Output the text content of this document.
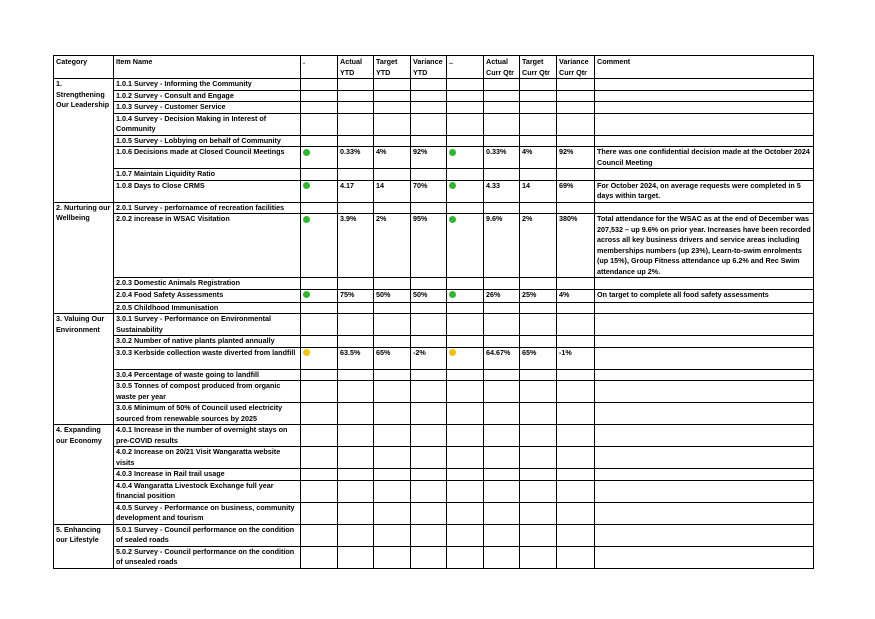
Category	Item Name	.	Actual YTD	Target YTD	Variance YTD	..	Actual Curr Qtr	Target Curr Qtr	Variance Curr Qtr	Comment
1. Strengthening Our Leadership	1.0.1 Survey - Informing the Community									
	1.0.2 Survey - Consult and Engage									
	1.0.3 Survey - Customer Service									
	1.0.4 Survey - Decision Making in Interest of Community									
	1.0.5 Survey - Lobbying on behalf of Community									
	1.0.6 Decisions made at Closed Council Meetings		0.33%	4%	92%		0.33%	4%	92%	There was one confidential decision made at the October 2024 Council Meeting
	1.0.7 Maintain Liquidity Ratio									
	1.0.8 Days to Close CRMS		4.17	14	70%		4.33	14	69%	For October 2024, on average requests were completed in 5 days within target.
2. Nurturing our Wellbeing	2.0.1 Survey - perfornamce of recreation facilities									
	2.0.2 increase in WSAC Visitation		3.9%	2%	95%		9.6%	2%	380%	Total attendance for the WSAC as at the end of December was 207,532 – up 9.6% on prior year. Increases have been recorded across all key business drivers and service areas including memberships numbers (up 23%), Learn-to-swim enrolments (up 15%), Group Fitness attendance up 6.2% and Rec Swim attendance up 2%.
	2.0.3 Domestic Animals Registration									
	2.0.4 Food Safety Assessments		75%	50%	50%		26%	25%	4%	On target to complete all food safety assessments
	2.0.5 Childhood Immunisation									
3. Valuing Our Environment	3.0.1 Survey - Performance on Environmental Sustainability									
	3.0.2 Number of native plants planted annually									
	3.0.3 Kerbside collection waste diverted from landfill		63.5%	65%	-2%		64.67%	65%	-1%	
	3.0.4 Percentage of waste going to landfill									
	3.0.5 Tonnes of compost produced from organic waste per year									
	3.0.6 Minimum of 50% of Council used electricity sourced from renewable sources by 2025									
4. Expanding our Economy	4.0.1 Increase in the number of overnight stays on pre-COVID results									
	4.0.2 Increase on 20/21 Visit Wangaratta website visits									
	4.0.3 Increase in Rail trail usage									
	4.0.4 Wangaratta Livestock Exchange full year financial position									
	4.0.5 Survey - Performance on business, community development and tourism									
5. Enhancing our Lifestyle	5.0.1 Survey - Council performance on the condition of sealed roads									
	5.0.2 Survey - Council performance on the condition of unsealed roads									
